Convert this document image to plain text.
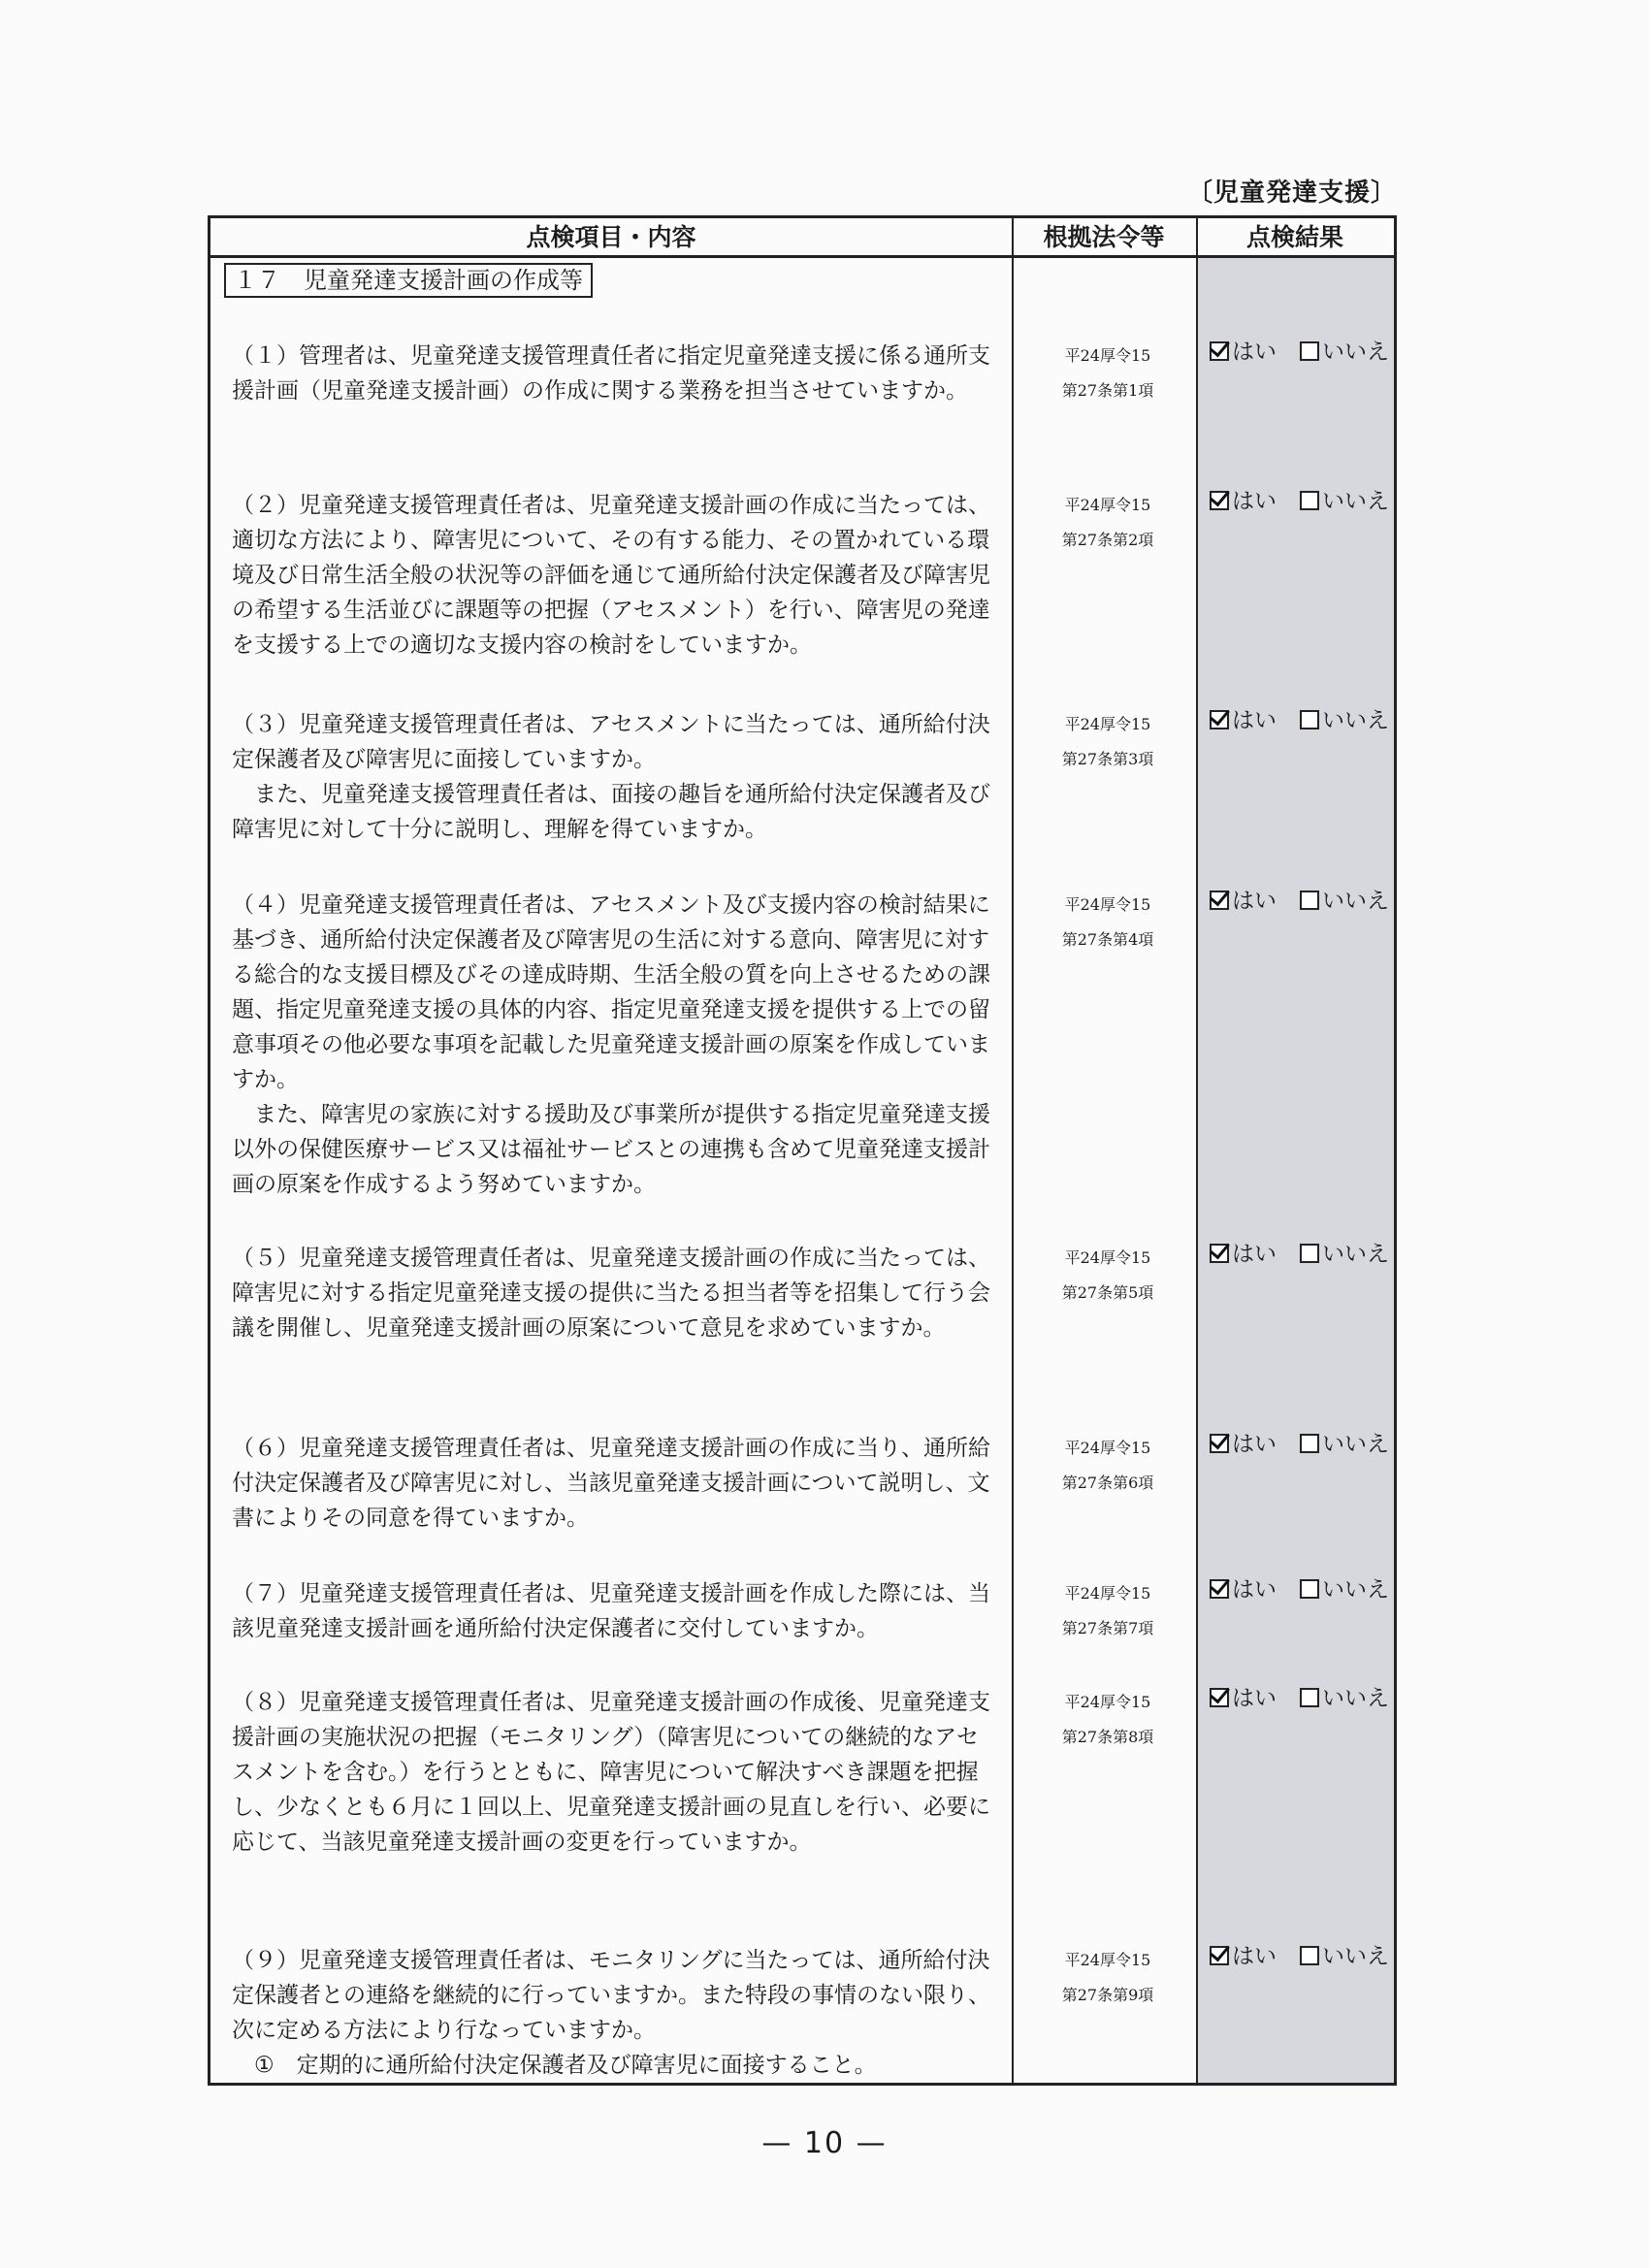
〔児童発達支援〕
点検項目・内容	根拠法令等	点検結果
１７　児童発達支援計画の作成等

（１）管理者は、児童発達支援管理責任者に指定児童発達支援に係る通所支援計画（児童発達支援計画）の作成に関する業務を担当させていますか。

平24厚令15
第27条第1項
はい いいえ

（２）児童発達支援管理責任者は、児童発達支援計画の作成に当たっては、適切な方法により、障害児について、その有する能力、その置かれている環境及び日常生活全般の状況等の評価を通じて通所給付決定保護者及び障害児の希望する生活並びに課題等の把握（アセスメント）を行い、障害児の発達を支援する上での適切な支援内容の検討をしていますか。

平24厚令15
第27条第2項
はい いいえ

（３）児童発達支援管理責任者は、アセスメントに当たっては、通所給付決定保護者及び障害児に面接していますか。
また、児童発達支援管理責任者は、面接の趣旨を通所給付決定保護者及び障害児に対して十分に説明し、理解を得ていますか。

平24厚令15
第27条第3項
はい いいえ

（４）児童発達支援管理責任者は、アセスメント及び支援内容の検討結果に基づき、通所給付決定保護者及び障害児の生活に対する意向、障害児に対する総合的な支援目標及びその達成時期、生活全般の質を向上させるための課題、指定児童発達支援の具体的内容、指定児童発達支援を提供する上での留意事項その他必要な事項を記載した児童発達支援計画の原案を作成していますか。
また、障害児の家族に対する援助及び事業所が提供する指定児童発達支援以外の保健医療サービス又は福祉サービスとの連携も含めて児童発達支援計画の原案を作成するよう努めていますか。

平24厚令15
第27条第4項
はい いいえ

（５）児童発達支援管理責任者は、児童発達支援計画の作成に当たっては、障害児に対する指定児童発達支援の提供に当たる担当者等を招集して行う会議を開催し、児童発達支援計画の原案について意見を求めていますか。

平24厚令15
第27条第5項
はい いいえ

（６）児童発達支援管理責任者は、児童発達支援計画の作成に当り、通所給付決定保護者及び障害児に対し、当該児童発達支援計画について説明し、文書によりその同意を得ていますか。

平24厚令15
第27条第6項
はい いいえ

（７）児童発達支援管理責任者は、児童発達支援計画を作成した際には、当該児童発達支援計画を通所給付決定保護者に交付していますか。

平24厚令15
第27条第7項
はい いいえ

（８）児童発達支援管理責任者は、児童発達支援計画の作成後、児童発達支援計画の実施状況の把握（モニタリング）（障害児についての継続的なアセスメントを含む。）を行うとともに、障害児について解決すべき課題を把握し、少なくとも６月に１回以上、児童発達支援計画の見直しを行い、必要に応じて、当該児童発達支援計画の変更を行っていますか。

平24厚令15
第27条第8項
はい いいえ

（９）児童発達支援管理責任者は、モニタリングに当たっては、通所給付決定保護者との連絡を継続的に行っていますか。また特段の事情のない限り、次に定める方法により行なっていますか。
①　定期的に通所給付決定保護者及び障害児に面接すること。

平24厚令15
第27条第9項
はい いいえ
— 10 —
